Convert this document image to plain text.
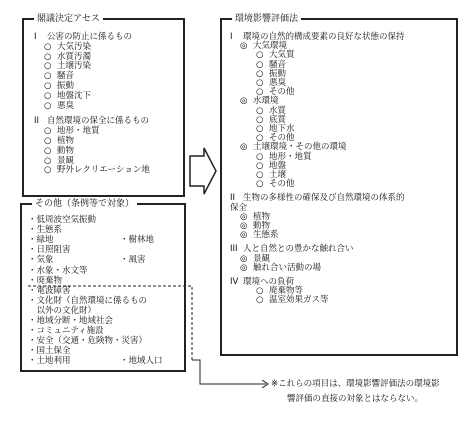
閣議決定アセス
I 公害の防止に係るもの
○ 大気汚染
○ 水質汚濁
○ 土壌汚染
○ 騒音
○ 振動
○ 地盤沈下
○ 悪臭
II 自然環境の保全に係るもの
○ 地形・地質
○ 植物
○ 動物
○ 景観
○ 野外レクリエーション地
その他（条例等で対象）
・低周波空気振動
・生態系
・緑地	・樹林地
・日照阻害
・気象	・風害
・水象・水文等
・廃棄物
・電波障害
・文化財（自然環境に係るもの
　以外の文化財）
・地域分断・地域社会
・コミュニティ施設
・安全（交通・危険物・災害）
・国土保全
・土地利用	・地域人口
環境影響評価法
I 環境の自然的構成要素の良好な状態の保持
◎ 大気環境
○ 大気質
○ 騒音
○ 振動
○ 悪臭
○ その他
◎ 水環境
○ 水質
○ 底質
○ 地下水
○ その他
◎ 土壌環境・その他の環境
○ 地形・地質
○ 地盤
○ 土壌
○ その他
II 生物の多様性の確保及び自然環境の体系的
保全
◎ 植物
◎ 動物
◎ 生態系
III 人と自然との豊かな触れ合い
◎ 景観
◎ 触れ合い活動の場
IV 環境への負荷
○ 廃棄物等
○ 温室効果ガス等
※これらの項目は、環境影響評価法の環境影
響評価の直接の対象とはならない。
